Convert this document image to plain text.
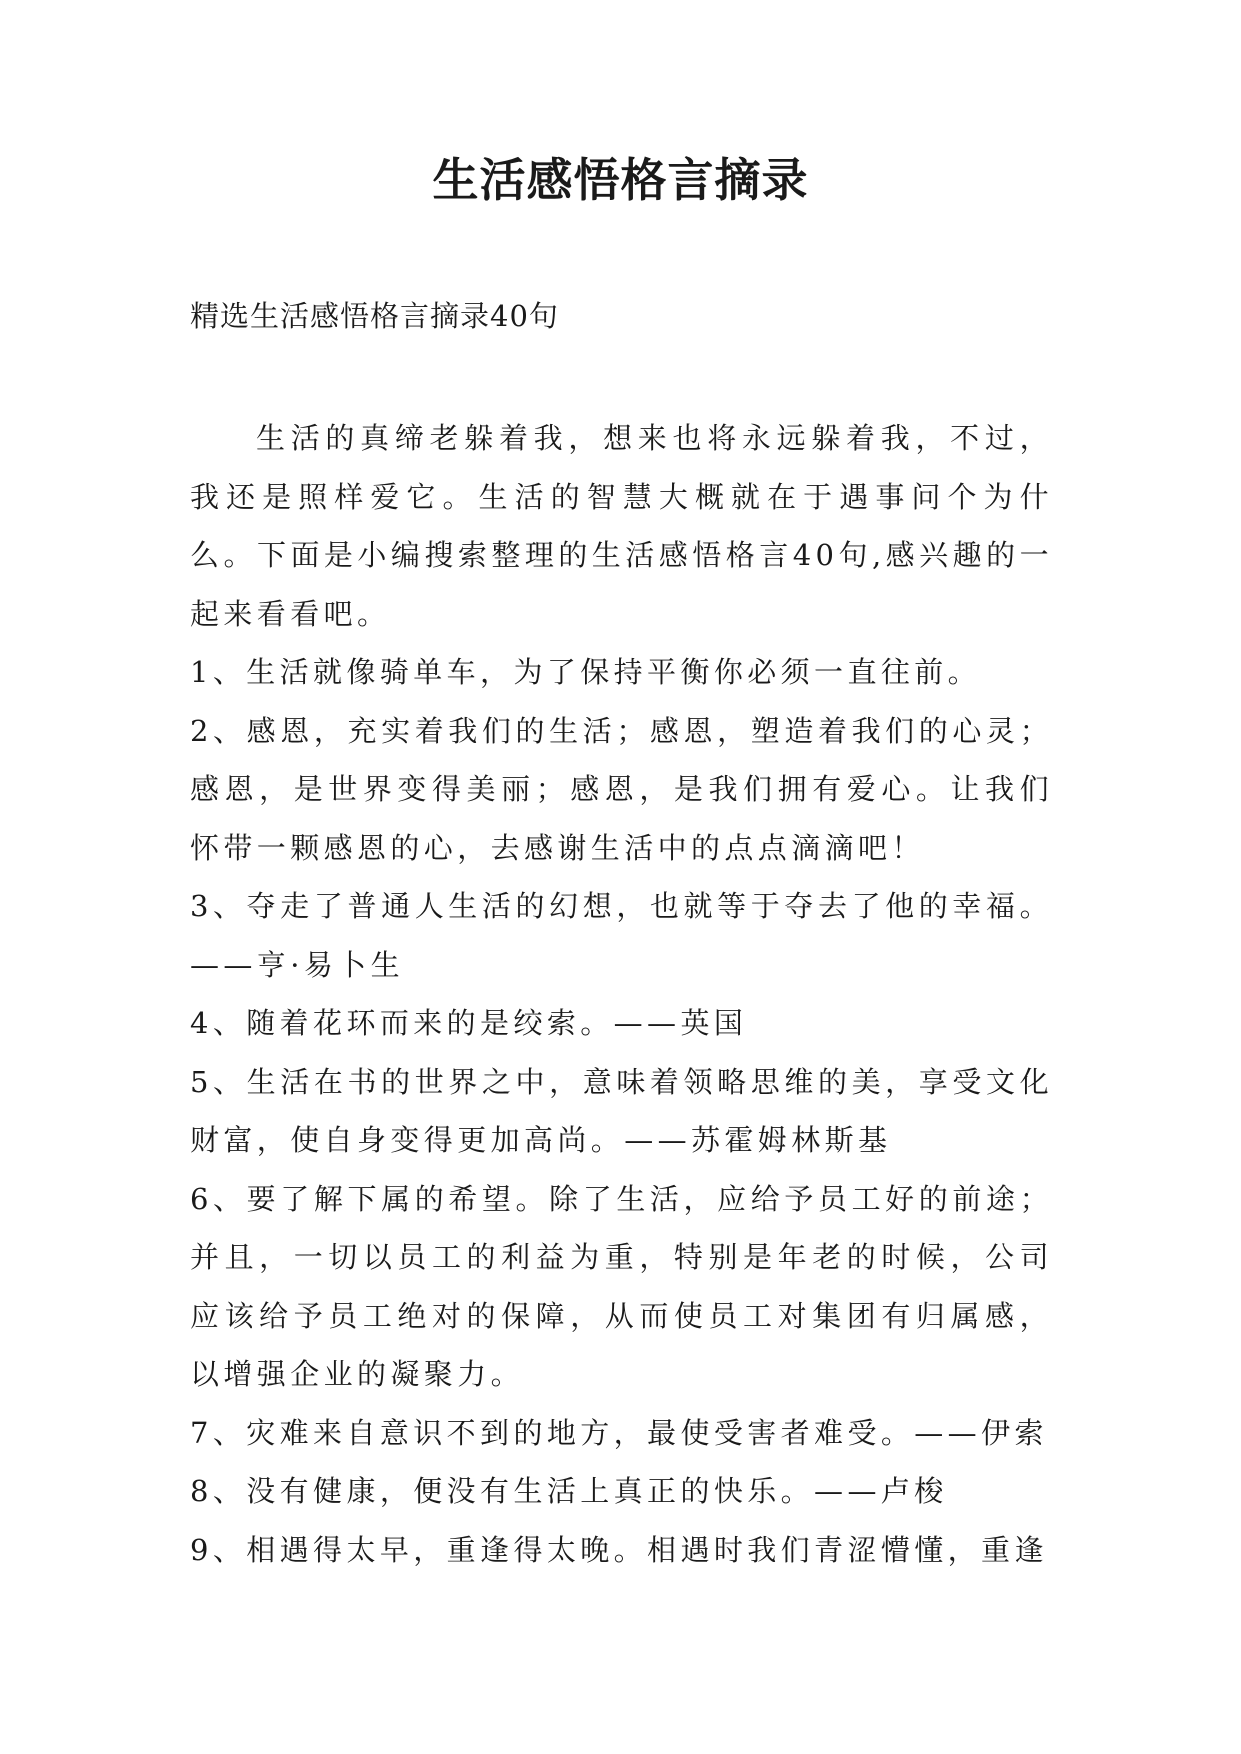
生活感悟格言摘录
精选生活感悟格言摘录40句

生活的真缔老躲着我，想来也将永远躲着我，不过，我还是照样爱它。生活的智慧大概就在于遇事问个为什么。下面是小编搜索整理的生活感悟格言40句,感兴趣的一起来看看吧。

1、生活就像骑单车，为了保持平衡你必须一直往前。

2、感恩，充实着我们的生活；感恩，塑造着我们的心灵；感恩，是世界变得美丽；感恩，是我们拥有爱心。让我们怀带一颗感恩的心，去感谢生活中的点点滴滴吧！

3、夺走了普通人生活的幻想，也就等于夺去了他的幸福。——亨·易卜生

4、随着花环而来的是绞索。——英国

5、生活在书的世界之中，意味着领略思维的美，享受文化财富，使自身变得更加高尚。——苏霍姆林斯基

6、要了解下属的希望。除了生活，应给予员工好的前途；并且，一切以员工的利益为重，特别是年老的时候，公司应该给予员工绝对的保障，从而使员工对集团有归属感，以增强企业的凝聚力。

7、灾难来自意识不到的地方，最使受害者难受。——伊索

8、没有健康，便没有生活上真正的快乐。——卢梭

9、相遇得太早，重逢得太晚。相遇时我们青涩懵懂，重逢
